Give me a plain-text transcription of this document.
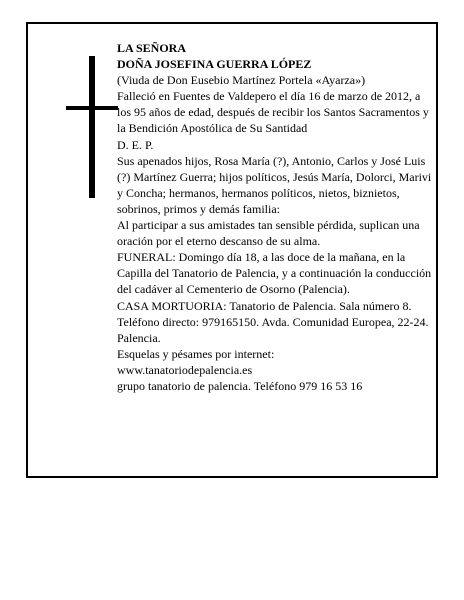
LA SEÑORA

DOÑA JOSEFINA GUERRA LÓPEZ

(Viuda de Don Eusebio Martínez Portela «Ayarza»)

Falleció en Fuentes de Valdepero el día 16 de marzo de 2012, a los 95 años de edad, después de recibir los Santos Sacramentos y la Bendición Apostólica de Su Santidad

D. E. P.

Sus apenados hijos, Rosa María (?), Antonio, Carlos y José Luis (?) Martínez Guerra; hijos políticos, Jesús María, Dolorci, Marivi y Concha; hermanos, hermanos políticos, nietos, biznietos, sobrinos, primos y demás familia:

Al participar a sus amistades tan sensible pérdida, suplican una oración por el eterno descanso de su alma.

FUNERAL: Domingo día 18, a las doce de la mañana, en la Capilla del Tanatorio de Palencia, y a continuación la conducción del cadáver al Cementerio de Osorno (Palencia).

CASA MORTUORIA: Tanatorio de Palencia. Sala número 8. Teléfono directo: 979165150. Avda. Comunidad Europea, 22-24. Palencia.

Esquelas y pésames por internet:

www.tanatoriodepalencia.es

grupo tanatorio de palencia. Teléfono 979 16 53 16
